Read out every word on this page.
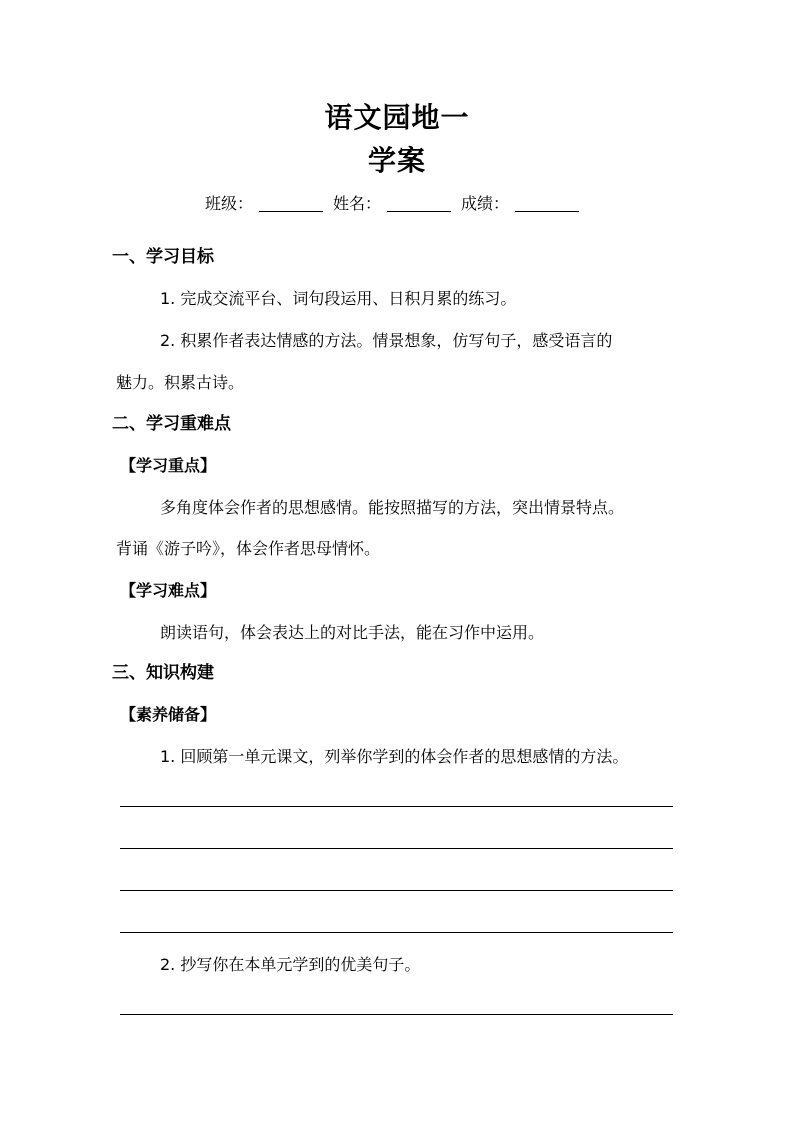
语文园地一
学案
班级：	姓名：	成绩：
一、学习目标
1. 完成交流平台、词句段运用、日积月累的练习。
2. 积累作者表达情感的方法。情景想象，仿写句子，感受语言的
魅力。积累古诗。
二、学习重难点
【学习重点】
多角度体会作者的思想感情。能按照描写的方法，突出情景特点。
背诵《游子吟》，体会作者思母情怀。
【学习难点】
朗读语句，体会表达上的对比手法，能在习作中运用。
三、知识构建
【素养储备】
1. 回顾第一单元课文，列举你学到的体会作者的思想感情的方法。
2. 抄写你在本单元学到的优美句子。
